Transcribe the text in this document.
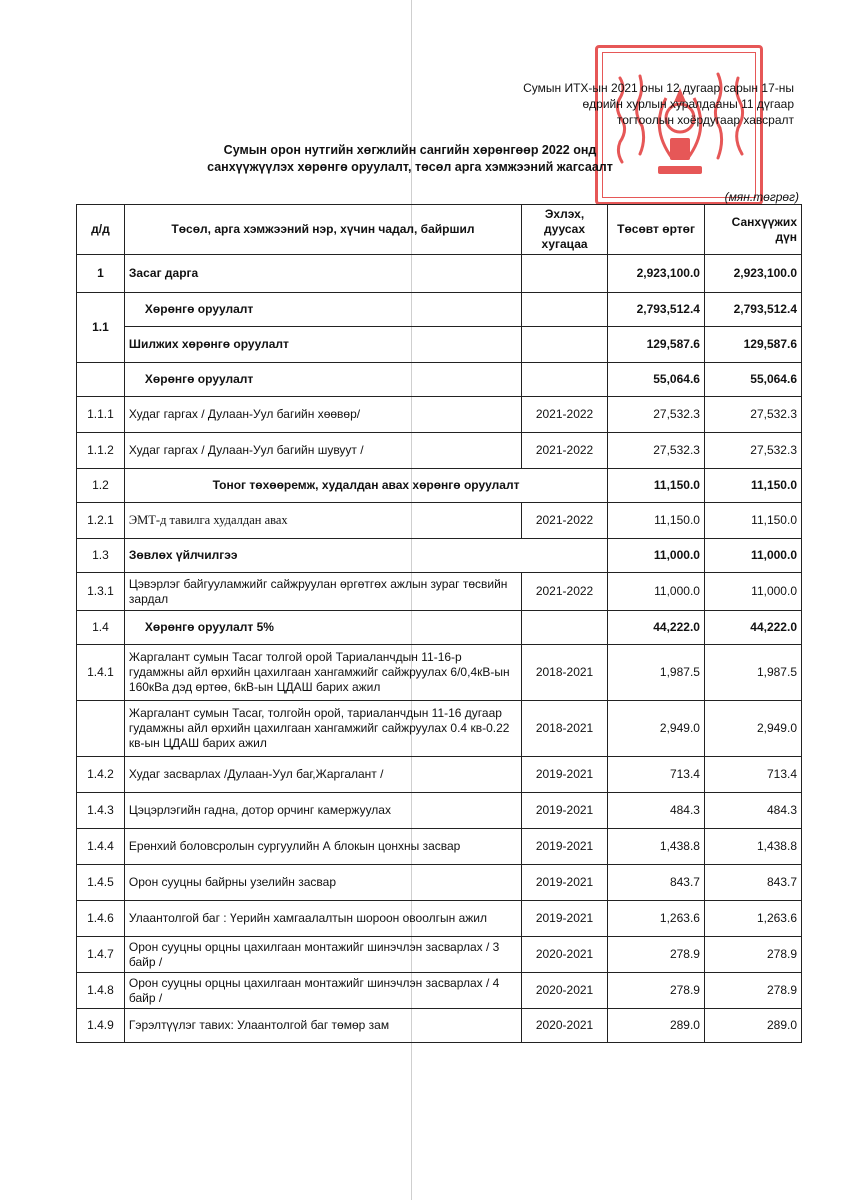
Сумын ИТХ-ын 2021 оны 12 дугаар сарын 17-ны
өдрийн хурлын хуралдааны 11 дүгаар
тогтоолын хоёрдугаар хавсралт
Сумын орон нутгийн хөгжлийн сангийн хөрөнгөөр 2022 онд
санхүүжүүлэх хөрөнгө оруулалт, төсөл арга хэмжээний жагсаалт
(мян.төгрөг)
д/д	Төсөл, арга хэмжээний нэр, хүчин чадал, байршил	Эхлэх, дуусах хугацаа	Төсөвт өртөг	Санхүүжих дүн
1	Засаг дарга		2,923,100.0	2,923,100.0
1.1	Хөрөнгө оруулалт		2,793,512.4	2,793,512.4
	Шилжих хөрөнгө оруулалт		129,587.6	129,587.6
	Хөрөнгө оруулалт		55,064.6	55,064.6
1.1.1	Худаг гаргах / Дулаан-Уул багийн хөөвөр/	2021-2022	27,532.3	27,532.3
1.1.2	Худаг гаргах / Дулаан-Уул багийн шувуут /	2021-2022	27,532.3	27,532.3
1.2	Тоног төхөөремж, худалдан авах хөрөнгө оруулалт		11,150.0	11,150.0
1.2.1	ЭМТ-д тавилга худалдан авах	2021-2022	11,150.0	11,150.0
1.3	Зөвлөх үйлчилгээ		11,000.0	11,000.0
1.3.1	Цэвэрлэг байгууламжийг сайжруулан өргөтгөх ажлын зураг төсвийн зардал	2021-2022	11,000.0	11,000.0
1.4	Хөрөнгө оруулалт 5%		44,222.0	44,222.0
1.4.1	Жаргалант сумын Тасаг толгой орой Тариаланчдын 11-16-р гудамжны айл өрхийн цахилгаан хангамжийг сайжруулах 6/0,4кВ-ын 160кВа дэд өртөө, 6кВ-ын ЦДАШ барих ажил	2018-2021	1,987.5	1,987.5
	Жаргалант сумын Тасаг, толгойн орой, тариаланчдын 11-16 дугаар гудамжны айл өрхийн цахилгаан хангамжийг сайжруулах 0.4 кв-0.22 кв-ын ЦДАШ барих ажил	2018-2021	2,949.0	2,949.0
1.4.2	Худаг засварлах /Дулаан-Уул баг,Жаргалант /	2019-2021	713.4	713.4
1.4.3	Цэцэрлэгийн гадна, дотор орчинг камержуулах	2019-2021	484.3	484.3
1.4.4	Ерөнхий боловсролын сургуулийн А блокын цонхны засвар	2019-2021	1,438.8	1,438.8
1.4.5	Орон сууцны байрны узелийн засвар	2019-2021	843.7	843.7
1.4.6	Улаантолгой баг : Үерийн хамгаалалтын шороон овоолгын ажил	2019-2021	1,263.6	1,263.6
1.4.7	Орон сууцны орцны цахилгаан монтажийг шинэчлэн засварлах / 3 байр /	2020-2021	278.9	278.9
1.4.8	Орон сууцны орцны цахилгаан монтажийг шинэчлэн засварлах / 4 байр /	2020-2021	278.9	278.9
1.4.9	Гэрэлтүүлэг тавих: Улаантолгой баг төмөр зам	2020-2021	289.0	289.0
